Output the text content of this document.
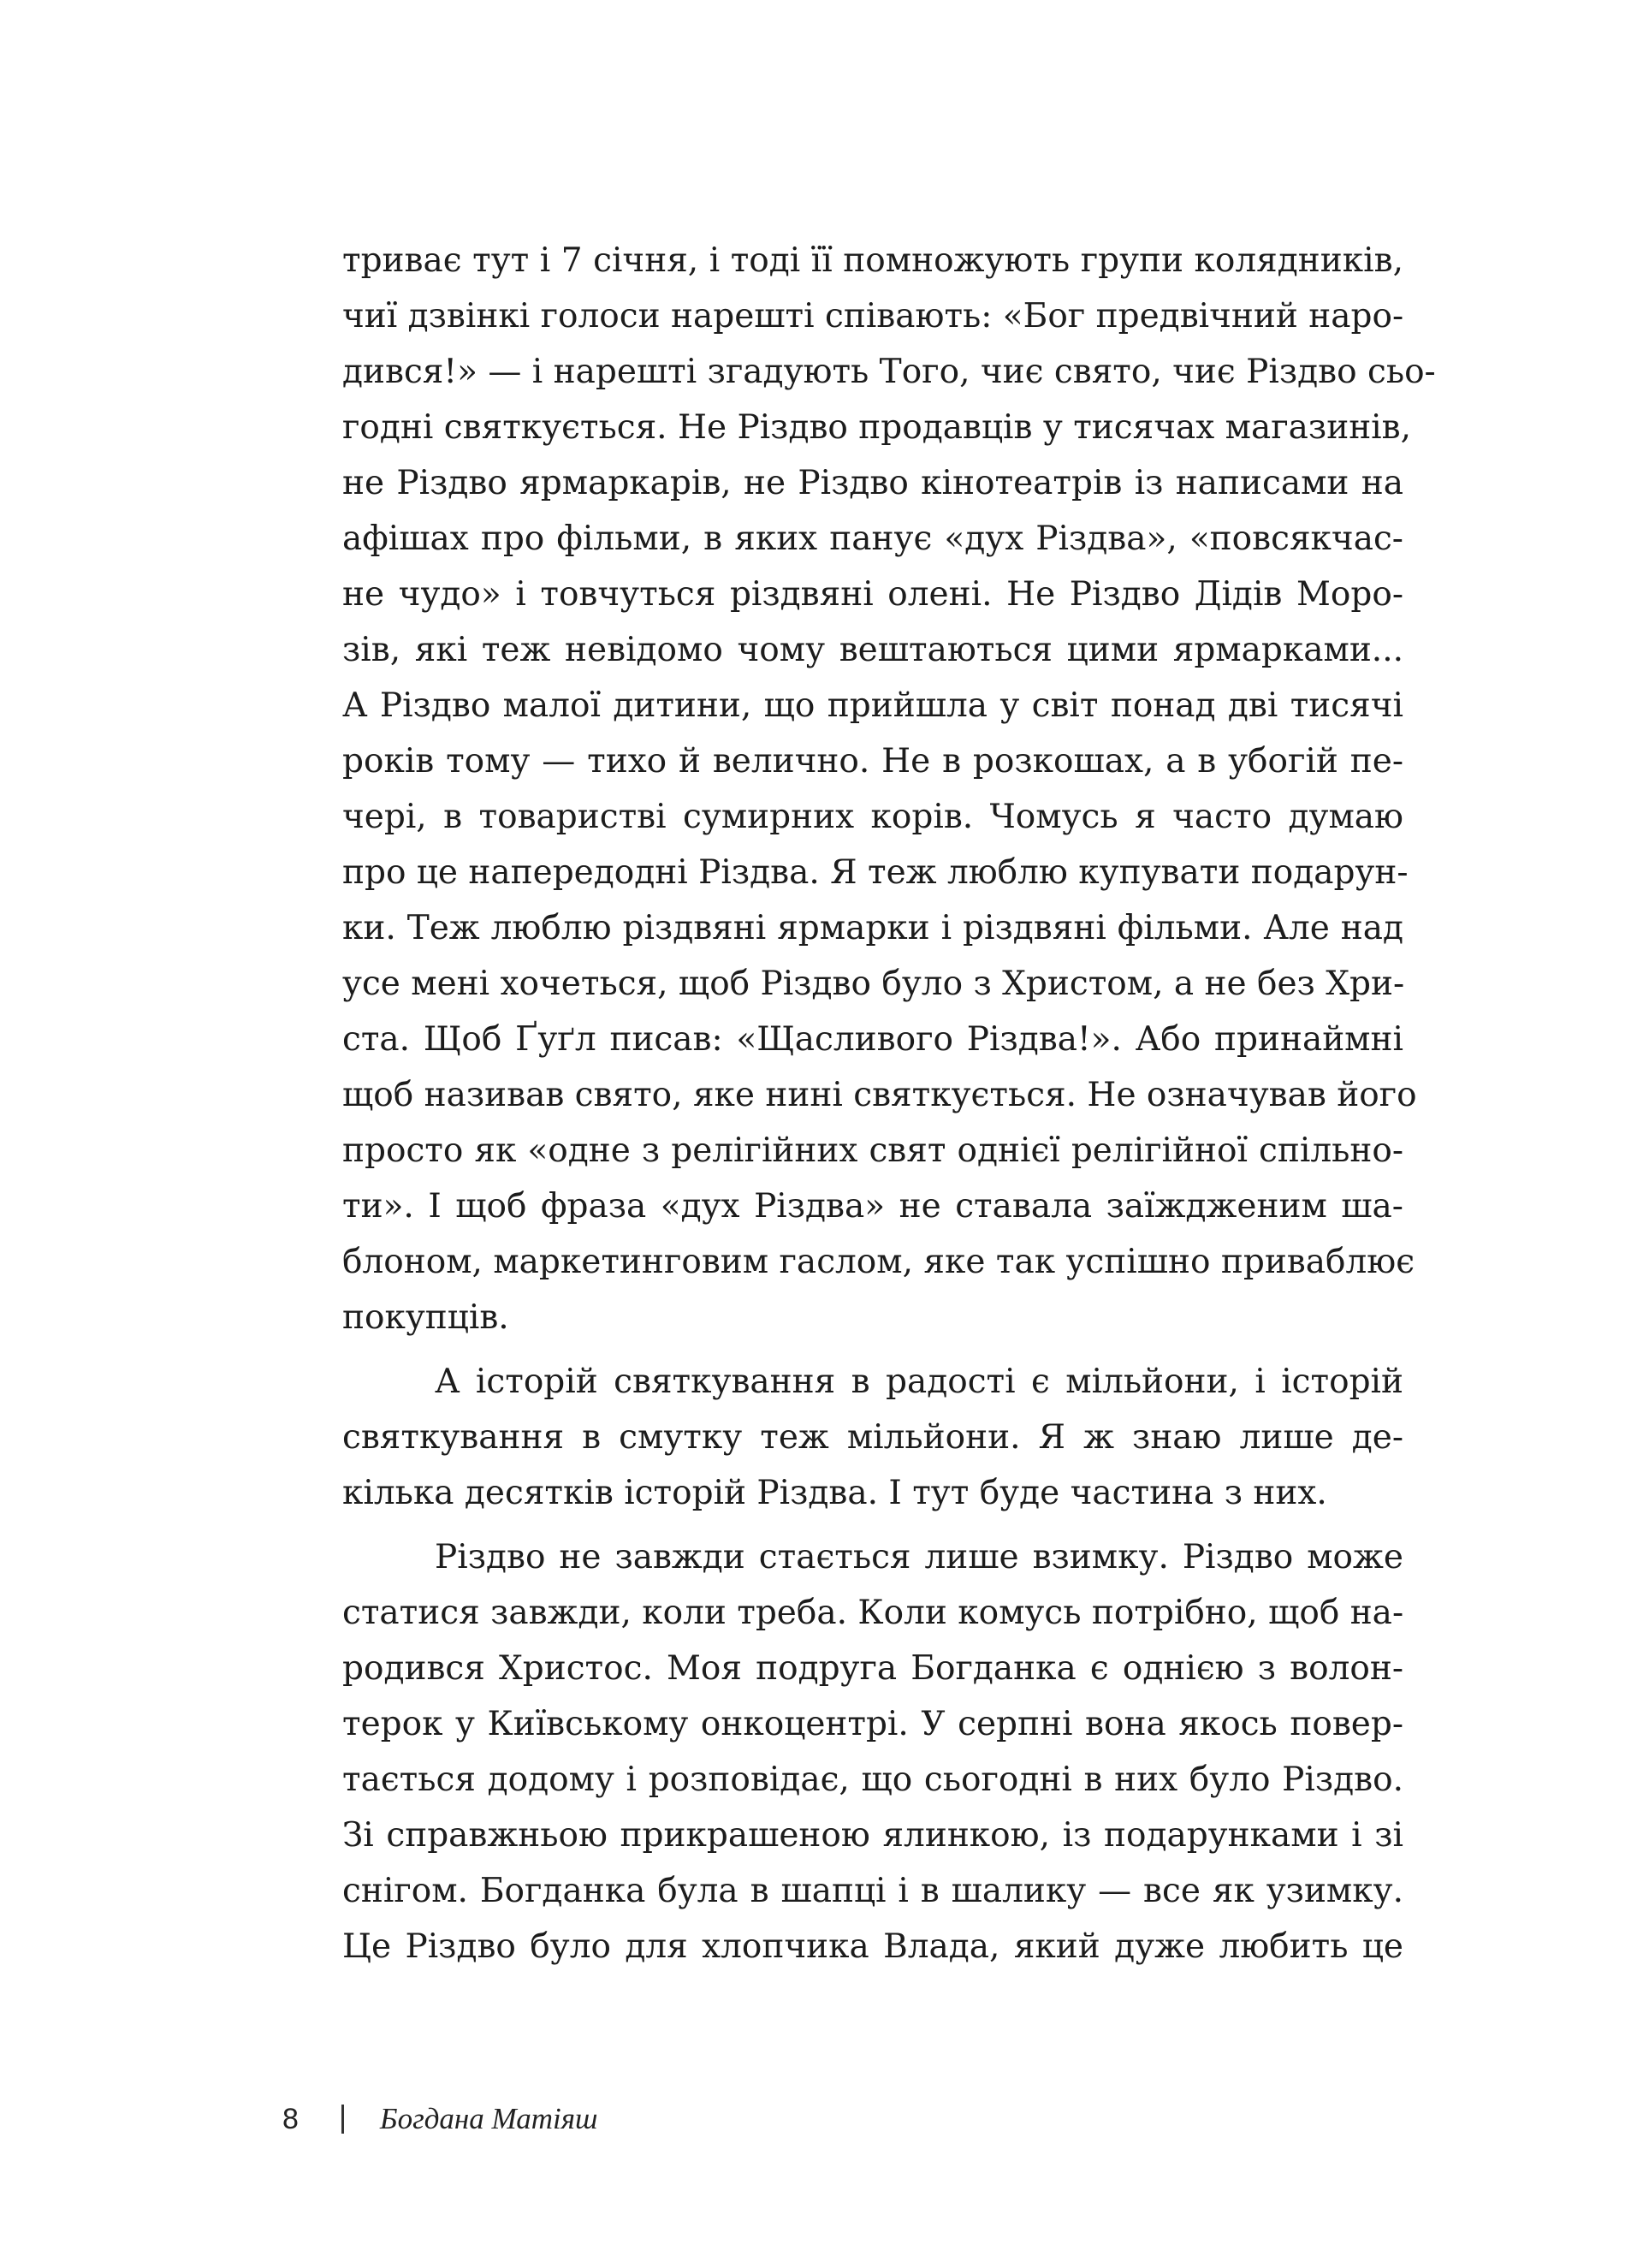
триває тут і 7 січня, і тоді її помножують групи колядників,
чиї дзвінкі голоси нарешті співають: «Бог предвічний наро-
дився!» — і нарешті згадують Того, чиє свято, чиє Різдво сьо-
годні святкується. Не Різдво продавців у тисячах магазинів,
не Різдво ярмаркарів, не Різдво кінотеатрів із написами на
афішах про фільми, в яких панує «дух Різдва», «повсякчас-
не чудо» і товчуться різдвяні олені. Не Різдво Дідів Моро-
зів, які теж невідомо чому вештаються цими ярмарками...
А Різдво малої дитини, що прийшла у світ понад дві тисячі
років тому — тихо й велично. Не в розкошах, а в убогій пе-
чері, в товаристві сумирних корів. Чомусь я часто думаю
про це напередодні Різдва. Я теж люблю купувати подарун-
ки. Теж люблю різдвяні ярмарки і різдвяні фільми. Але над
усе мені хочеться, щоб Різдво було з Христом, а не без Хри-
ста. Щоб Ґуґл писав: «Щасливого Різдва!». Або принаймні
щоб називав свято, яке нині святкується. Не означував його
просто як «одне з релігійних свят однієї релігійної спільно-
ти». І щоб фраза «дух Різдва» не ставала заїжджeним ша-
блоном, маркетинговим гаслом, яке так успішно приваблює
покупців.
А історій святкування в радості є мільйони, і історій
святкування в смутку теж мільйони. Я ж знаю лише де-
кілька десятків історій Різдва. І тут буде частина з них.
Різдво не завжди стається лише взимку. Різдво може
статися завжди, коли треба. Коли комусь потрібно, щоб на-
родився Христос. Моя подруга Богданка є однією з волон-
терок у Київському онкоцентрі. У серпні вона якось повер-
тається додому і розповідає, що сьогодні в них було Різдво.
Зі справжньою прикрашеною ялинкою, із подарунками і зі
снігом. Богданка була в шапці і в шалику — все як узимку.
Це Різдво було для хлопчика Влада, який дуже любить це
8	Богдана Матіяш
